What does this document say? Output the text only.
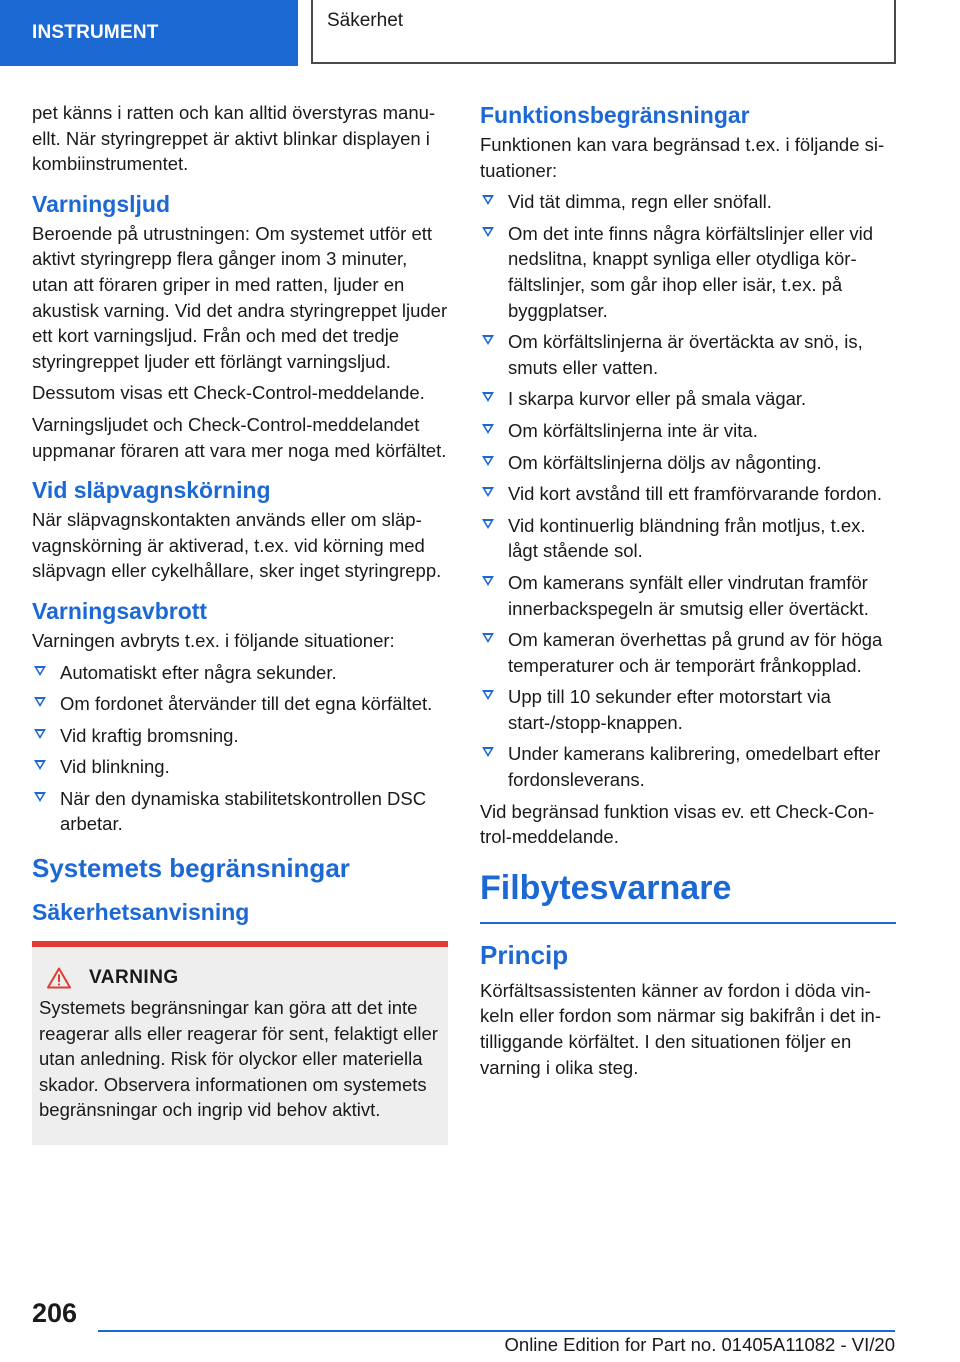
INSTRUMENT
Säkerhet

pet känns i ratten och kan alltid överstyras manuellt. När styringreppet är aktivt blinkar displayen i kombiinstrumentet.

Varningsljud

Beroende på utrustningen: Om systemet utför ett aktivt styringrepp flera gånger inom 3 minuter, utan att föraren griper in med ratten, ljuder en akustisk varning. Vid det andra styringreppet ljuder ett kort varningsljud. Från och med det tredje styringreppet ljuder ett förlängt varningsljud.

Dessutom visas ett Check-Control-meddelande.

Varningsljudet och Check-Control-meddelandet uppmanar föraren att vara mer noga med körfältet.

Vid släpvagnskörning

När släpvagnskontakten används eller om släpvagnskörning är aktiverad, t.ex. vid körning med släpvagn eller cykelhållare, sker inget styringrepp.

Varningsavbrott

Varningen avbryts t.ex. i följande situationer:

Automatiskt efter några sekunder.
Om fordonet återvänder till det egna körfältet.
Vid kraftig bromsning.
Vid blinkning.
När den dynamiska stabilitetskontrollen DSC arbetar.
Systemets begränsningar
Säkerhetsanvisning
VARNING

Systemets begränsningar kan göra att det inte reagerar alls eller reagerar för sent, felaktigt eller utan anledning. Risk för olyckor eller materiella skador. Observera informationen om systemets begränsningar och ingrip vid behov aktivt.

Funktionsbegränsningar

Funktionen kan vara begränsad t.ex. i följande situationer:

Vid tät dimma, regn eller snöfall.
Om det inte finns några körfältslinjer eller vid nedslitna, knappt synliga eller otydliga körfältslinjer, som går ihop eller isär, t.ex. på byggplatser.
Om körfältslinjerna är övertäckta av snö, is, smuts eller vatten.
I skarpa kurvor eller på smala vägar.
Om körfältslinjerna inte är vita.
Om körfältslinjerna döljs av någonting.
Vid kort avstånd till ett framförvarande fordon.
Vid kontinuerlig bländning från motljus, t.ex. lågt stående sol.
Om kamerans synfält eller vindrutan framför innerbackspegeln är smutsig eller övertäckt.
Om kameran överhettas på grund av för höga temperaturer och är temporärt frånkopplad.
Upp till 10 sekunder efter motorstart via start-/stopp-knappen.
Under kamerans kalibrering, omedelbart efter fordonsleverans.

Vid begränsad funktion visas ev. ett Check-Control-meddelande.

Filbytesvarnare
Princip

Körfältsassistenten känner av fordon i döda vinkeln eller fordon som närmar sig bakifrån i det intilliggande körfältet. I den situationen följer en varning i olika steg.

206
Online Edition for Part no. 01405A11082 - VI/20
